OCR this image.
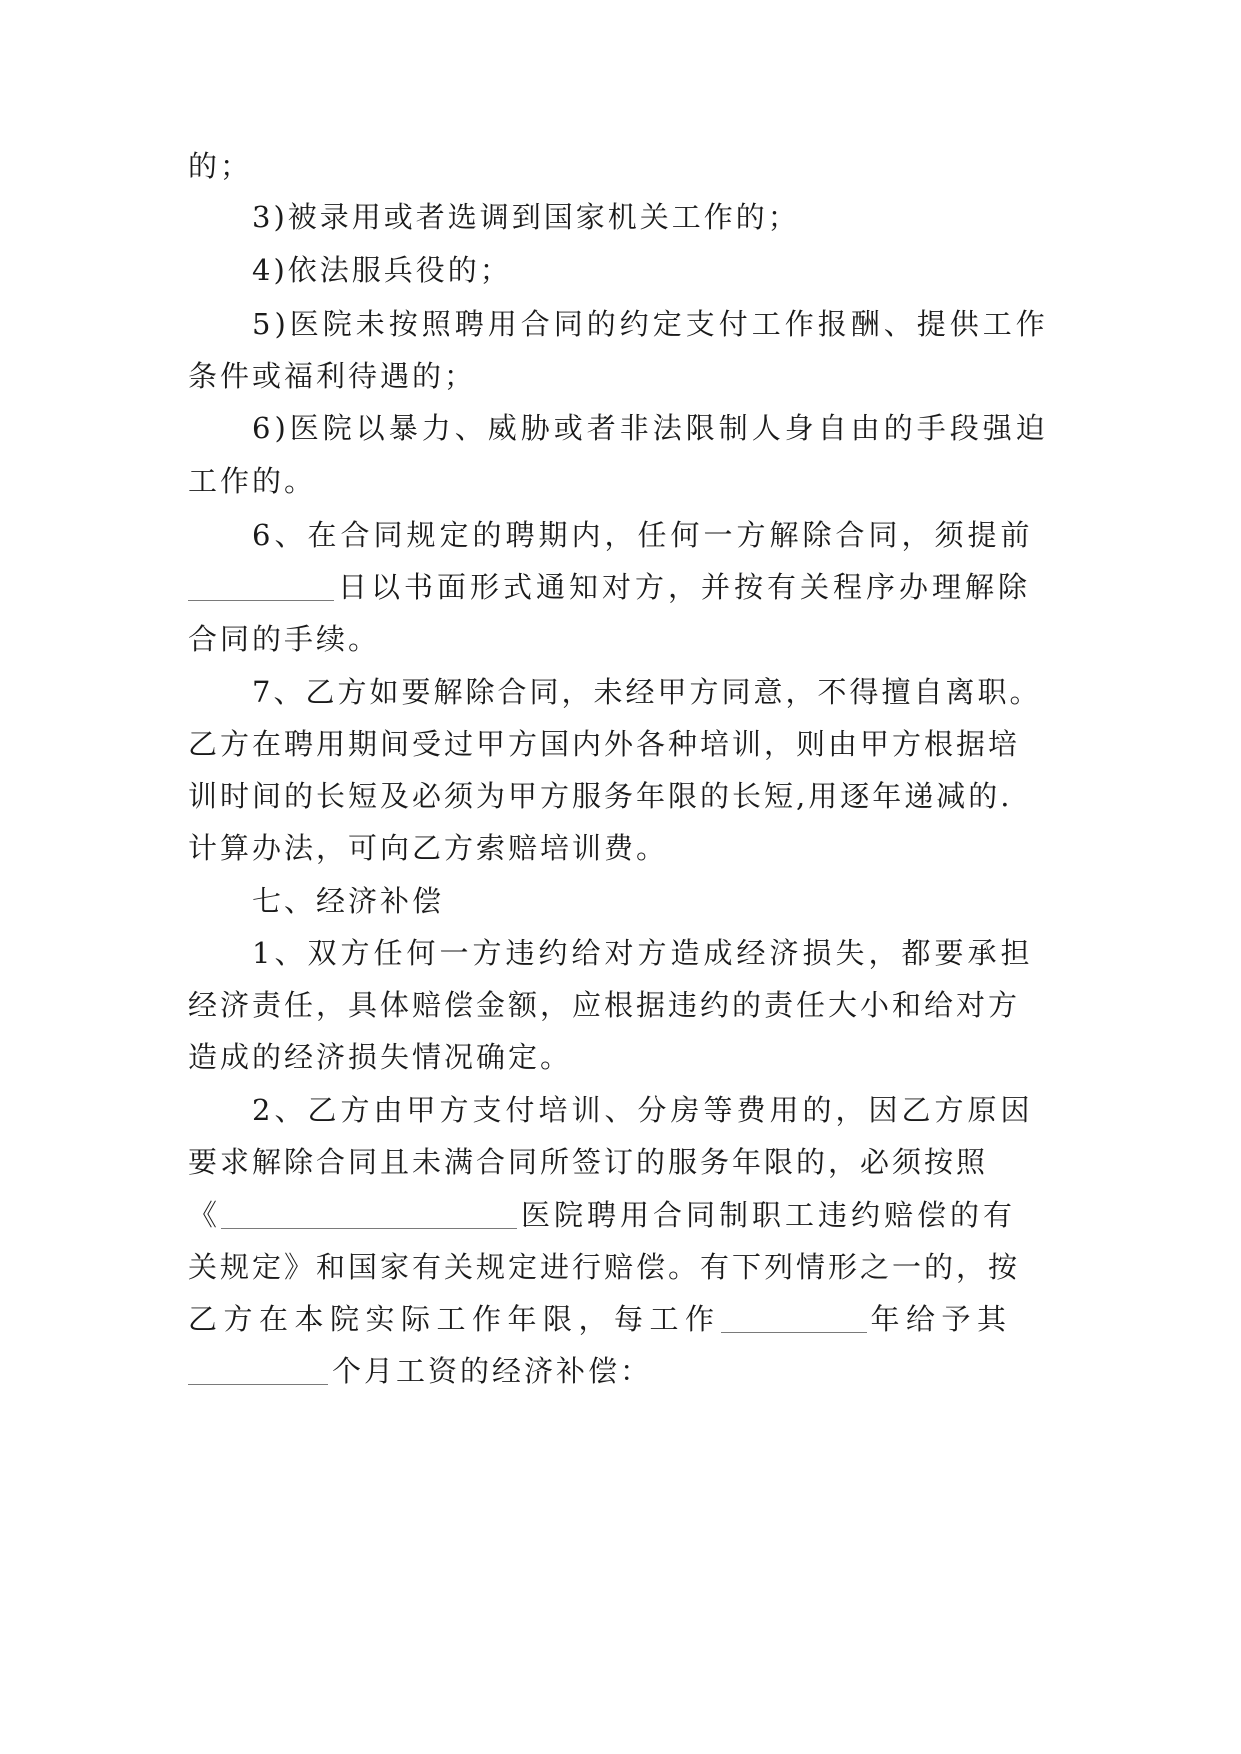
的；
3)被录用或者选调到国家机关工作的；
4)依法服兵役的；
5)医院未按照聘用合同的约定支付工作报酬、提供工作
条件或福利待遇的；
6)医院以暴力、威胁或者非法限制人身自由的手段强迫
工作的。
6、在合同规定的聘期内，任何一方解除合同，须提前
日以书面形式通知对方，并按有关程序办理解除
合同的手续。
7、乙方如要解除合同，未经甲方同意，不得擅自离职。
乙方在聘用期间受过甲方国内外各种培训，则由甲方根据培
训时间的长短及必须为甲方服务年限的长短,用逐年递减的.
计算办法，可向乙方索赔培训费。
七、经济补偿
1、双方任何一方违约给对方造成经济损失，都要承担
经济责任，具体赔偿金额，应根据违约的责任大小和给对方
造成的经济损失情况确定。
2、乙方由甲方支付培训、分房等费用的，因乙方原因
要求解除合同且未满合同所签订的服务年限的，必须按照
《	医院聘用合同制职工违约赔偿的有
关规定》和国家有关规定进行赔偿。有下列情形之一的，按
乙方在本院实际工作年限，每工作	年给予其
个月工资的经济补偿：
